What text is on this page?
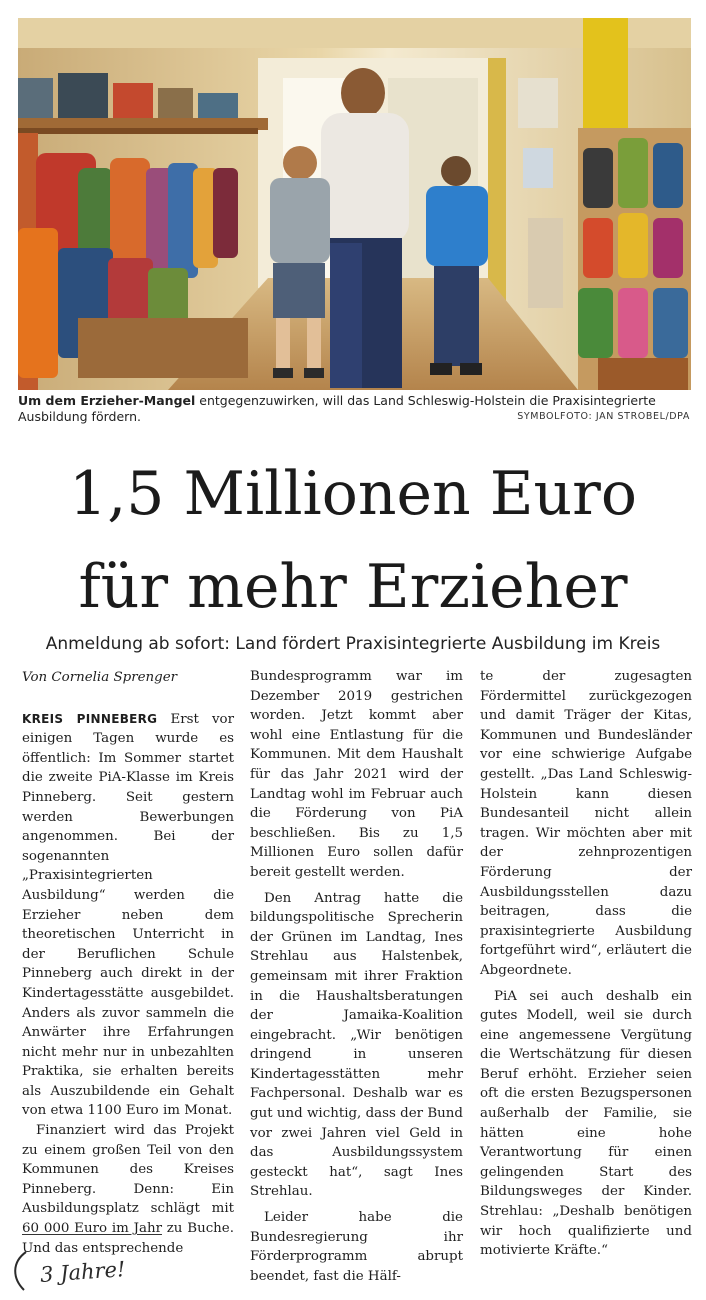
Um dem Erzieher-Mangel entgegenzuwirken, will das Land Schleswig-Holstein die Praxisintegrierte Ausbildung fördern.	SYMBOLFOTO: JAN STROBEL/DPA
1,5 Millionen Euro
für mehr Erzieher
Anmeldung ab sofort: Land fördert Praxisintegrierte Ausbildung im Kreis

Von Cornelia Sprenger

KREIS PINNEBERG Erst vor einigen Tagen wurde es öffentlich: Im Sommer startet die zweite PiA-Klasse im Kreis Pinneberg. Seit gestern werden Bewerbungen angenommen. Bei der sogenannten „Praxisintegrierten Ausbildung“ werden die Erzieher neben dem theoretischen Unterricht in der Beruflichen Schule Pinneberg auch direkt in der Kindertagesstätte ausgebildet. Anders als zuvor sammeln die Anwärter ihre Erfahrungen nicht mehr nur in unbezahlten Praktika, sie erhalten bereits als Auszubildende ein Gehalt von etwa 1100 Euro im Monat.

Finanziert wird das Projekt zu einem großen Teil von den Kommunen des Kreises Pinneberg. Denn: Ein Ausbildungsplatz schlägt mit 60 000 Euro im Jahr zu Buche. Und das entsprechende

Bundesprogramm war im Dezember 2019 gestrichen worden. Jetzt kommt aber wohl eine Entlastung für die Kommunen. Mit dem Haushalt für das Jahr 2021 wird der Landtag wohl im Februar auch die Förderung von PiA beschließen. Bis zu 1,5 Millionen Euro sollen dafür bereit gestellt werden.

Den Antrag hatte die bildungspolitische Sprecherin der Grünen im Landtag, Ines Strehlau aus Halstenbek, gemeinsam mit ihrer Fraktion in die Haushaltsberatungen der Jamaika-Koalition eingebracht. „Wir benötigen dringend in unseren Kindertagesstätten mehr Fachpersonal. Deshalb war es gut und wichtig, dass der Bund vor zwei Jahren viel Geld in das Ausbildungssystem gesteckt hat“, sagt Ines Strehlau.

Leider habe die Bundesregierung ihr Förderprogramm abrupt beendet, fast die Hälf-

te der zugesagten Fördermittel zurückgezogen und damit Träger der Kitas, Kommunen und Bundesländer vor eine schwierige Aufgabe gestellt. „Das Land Schleswig-Holstein kann diesen Bundesanteil nicht allein tragen. Wir möchten aber mit der zehnprozentigen Förderung der Ausbildungsstellen dazu beitragen, dass die praxisintegrierte Ausbildung fortgeführt wird“, erläutert die Abgeordnete.

PiA sei auch deshalb ein gutes Modell, weil sie durch eine angemessene Vergütung die Wertschätzung für diesen Beruf erhöht. Erzieher seien oft die ersten Bezugspersonen außerhalb der Familie, sie hätten eine hohe Verantwortung für einen gelingenden Start des Bildungsweges der Kinder. Strehlau: „Deshalb benötigen wir hoch qualifizierte und motivierte Kräfte.“

3 Jahre!
